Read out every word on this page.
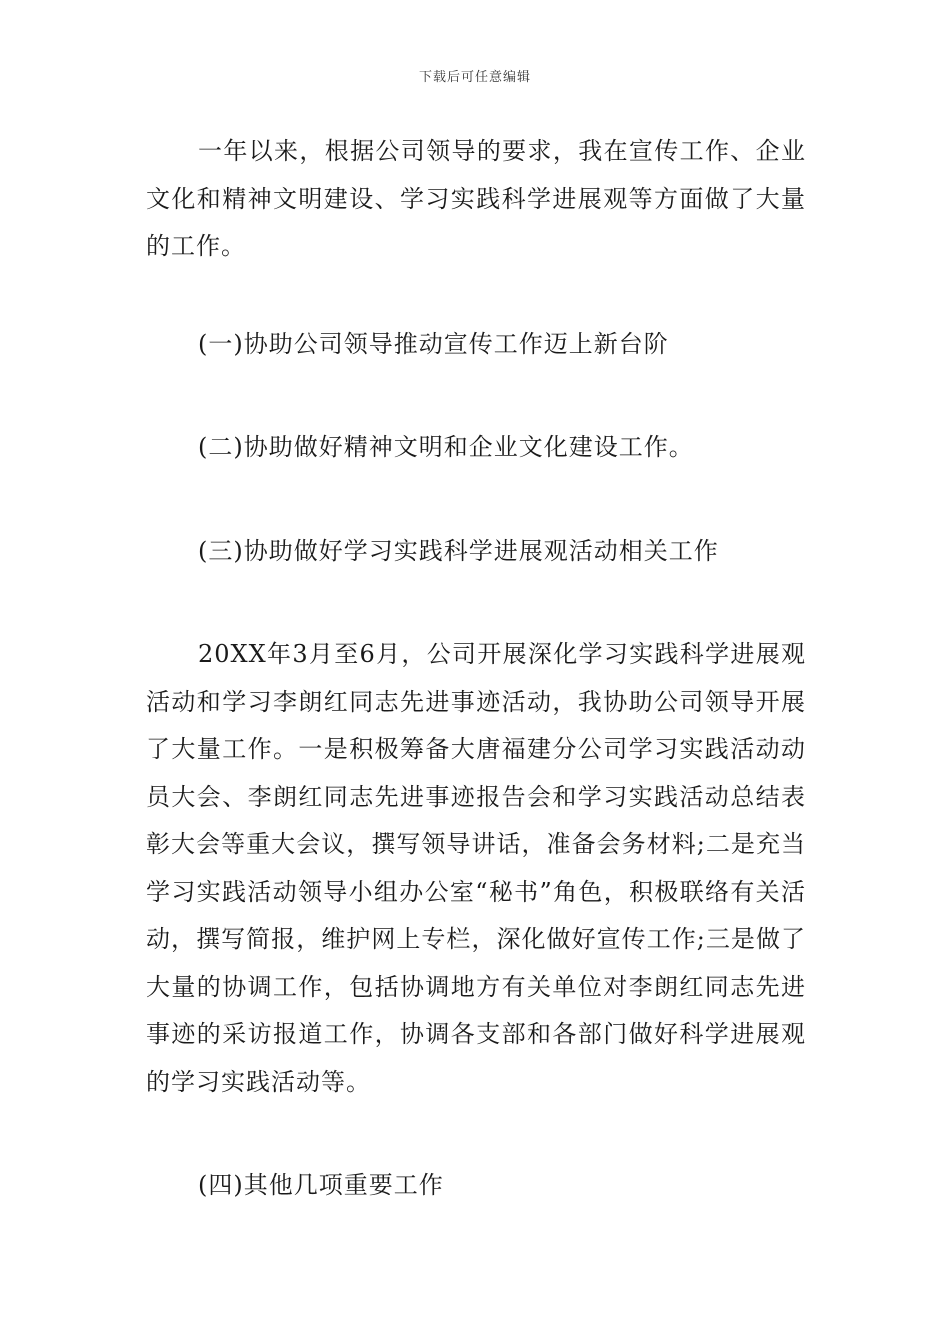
下载后可任意编辑

一年以来，根据公司领导的要求，我在宣传工作、企业文化和精神文明建设、学习实践科学进展观等方面做了大量的工作。

(一)协助公司领导推动宣传工作迈上新台阶

(二)协助做好精神文明和企业文化建设工作。

(三)协助做好学习实践科学进展观活动相关工作

20XX年3月至6月，公司开展深化学习实践科学进展观活动和学习李朗红同志先进事迹活动，我协助公司领导开展了大量工作。一是积极筹备大唐福建分公司学习实践活动动员大会、李朗红同志先进事迹报告会和学习实践活动总结表彰大会等重大会议，撰写领导讲话，准备会务材料;二是充当学习实践活动领导小组办公室“秘书”角色，积极联络有关活动，撰写简报，维护网上专栏，深化做好宣传工作;三是做了大量的协调工作，包括协调地方有关单位对李朗红同志先进事迹的采访报道工作，协调各支部和各部门做好科学进展观的学习实践活动等。

(四)其他几项重要工作
